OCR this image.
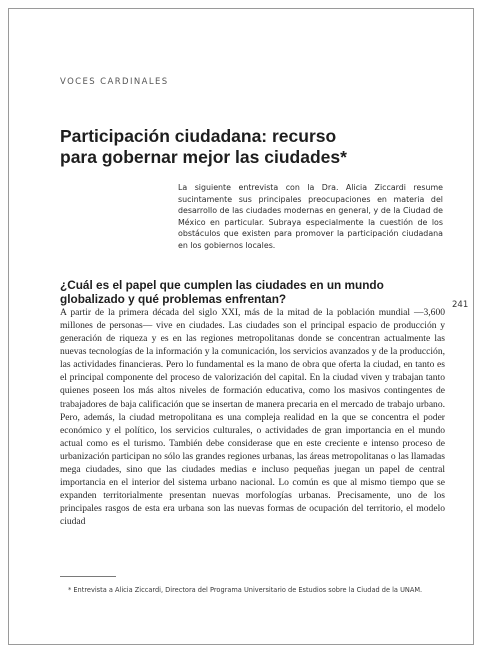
VOCES CARDINALES
Participación ciudadana: recurso para gobernar mejor las ciudades*

La siguiente entrevista con la Dra. Alicia Ziccardi resume sucintamente sus principales preocupaciones en materia del desarrollo de las ciudades modernas en general, y de la Ciudad de México en particular. Subraya especialmente la cuestión de los obstáculos que existen para promover la participación ciudadana en los gobiernos locales.

¿Cuál es el papel que cumplen las ciudades en un mundo globalizado y qué problemas enfrentan?	241

A partir de la primera década del siglo XXI, más de la mitad de la población mundial —3,600 millones de personas— vive en ciudades. Las ciudades son el principal espacio de producción y generación de riqueza y es en las regiones metropolitanas donde se concentran actualmente las nuevas tecnologías de la información y la comunicación, los servicios avanzados y de la producción, las actividades financieras. Pero lo fundamental es la mano de obra que oferta la ciudad, en tanto es el principal componente del proceso de valorización del capital. En la ciudad viven y trabajan tanto quienes poseen los más altos niveles de formación educativa, como los masivos contingentes de trabajadores de baja calificación que se insertan de manera precaria en el mercado de trabajo urbano. Pero, además, la ciudad metropolitana es una compleja realidad en la que se concentra el poder económico y el político, los servicios culturales, o actividades de gran importancia en el mundo actual como es el turismo. También debe considerase que en este creciente e intenso proceso de urbanización participan no sólo las grandes regiones urbanas, las áreas metropolitanas o las llamadas mega ciudades, sino que las ciudades medias e incluso pequeñas juegan un papel de central importancia en el interior del sistema urbano nacional. Lo común es que al mismo tiempo que se expanden territorialmente presentan nuevas morfologías urbanas. Precisamente, uno de los principales rasgos de esta era urbana son las nuevas formas de ocupación del territorio, el modelo ciudad

* Entrevista a Alicia Ziccardi, Directora del Programa Universitario de Estudios sobre la Ciudad de la UNAM.
